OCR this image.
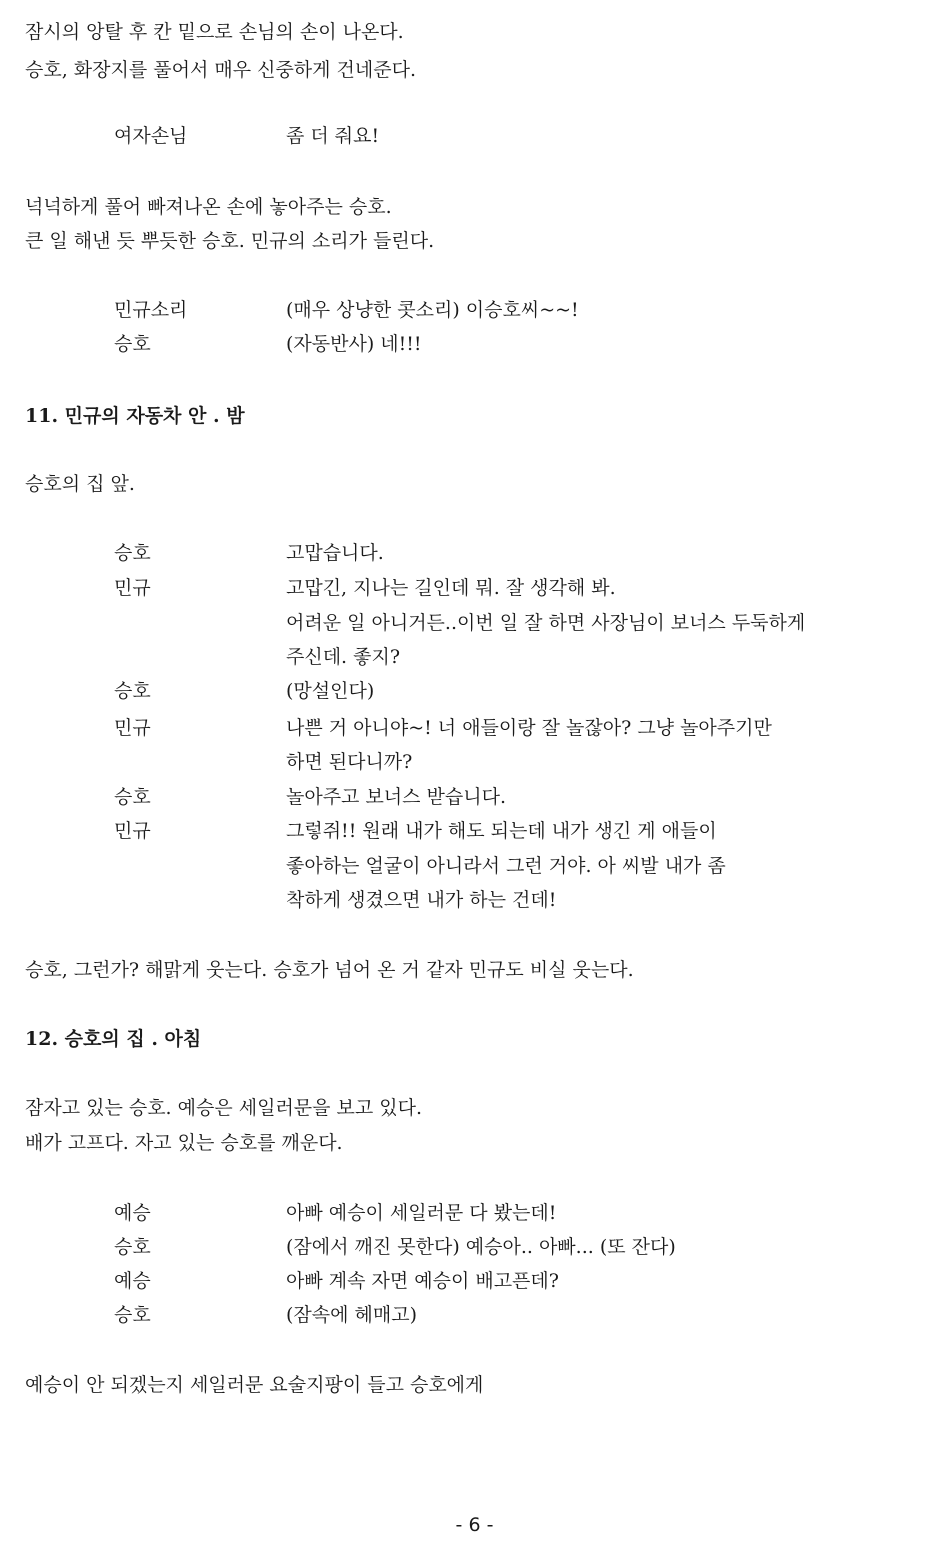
잠시의 앙탈 후 칸 밑으로 손님의 손이 나온다.
승호, 화장지를 풀어서 매우 신중하게 건네준다.
여자손님	좀 더 줘요!
넉넉하게 풀어 빠져나온 손에 놓아주는 승호.
큰 일 해낸 듯 뿌듯한 승호. 민규의 소리가 들린다.
민규소리	(매우 상냥한 콧소리) 이승호씨~~!
승호	(자동반사) 네!!!
11. 민규의 자동차 안 . 밤
승호의 집 앞.
승호	고맙습니다.
민규	고맙긴, 지나는 길인데 뭐. 잘 생각해 봐.
어려운 일 아니거든..이번 일 잘 하면 사장님이 보너스 두둑하게
주신데. 좋지?
승호	(망설인다)
민규	나쁜 거 아니야~! 너 애들이랑 잘 놀잖아? 그냥 놀아주기만
하면 된다니까?
승호	놀아주고 보너스 받습니다.
민규	그렇쥐!! 원래 내가 해도 되는데 내가 생긴 게 애들이
좋아하는 얼굴이 아니라서 그런 거야. 아 씨발 내가 좀
착하게 생겼으면 내가 하는 건데!
승호, 그런가? 해맑게 웃는다. 승호가 넘어 온 거 같자 민규도 비실 웃는다.
12. 승호의 집 . 아침
잠자고 있는 승호. 예승은 세일러문을 보고 있다.
배가 고프다. 자고 있는 승호를 깨운다.
예승	아빠 예승이 세일러문 다 봤는데!
승호	(잠에서 깨진 못한다) 예승아.. 아빠... (또 잔다)
예승	아빠 계속 자면 예승이 배고픈데?
승호	(잠속에 헤매고)
예승이 안 되겠는지 세일러문 요술지팡이 들고 승호에게
- 6 -
